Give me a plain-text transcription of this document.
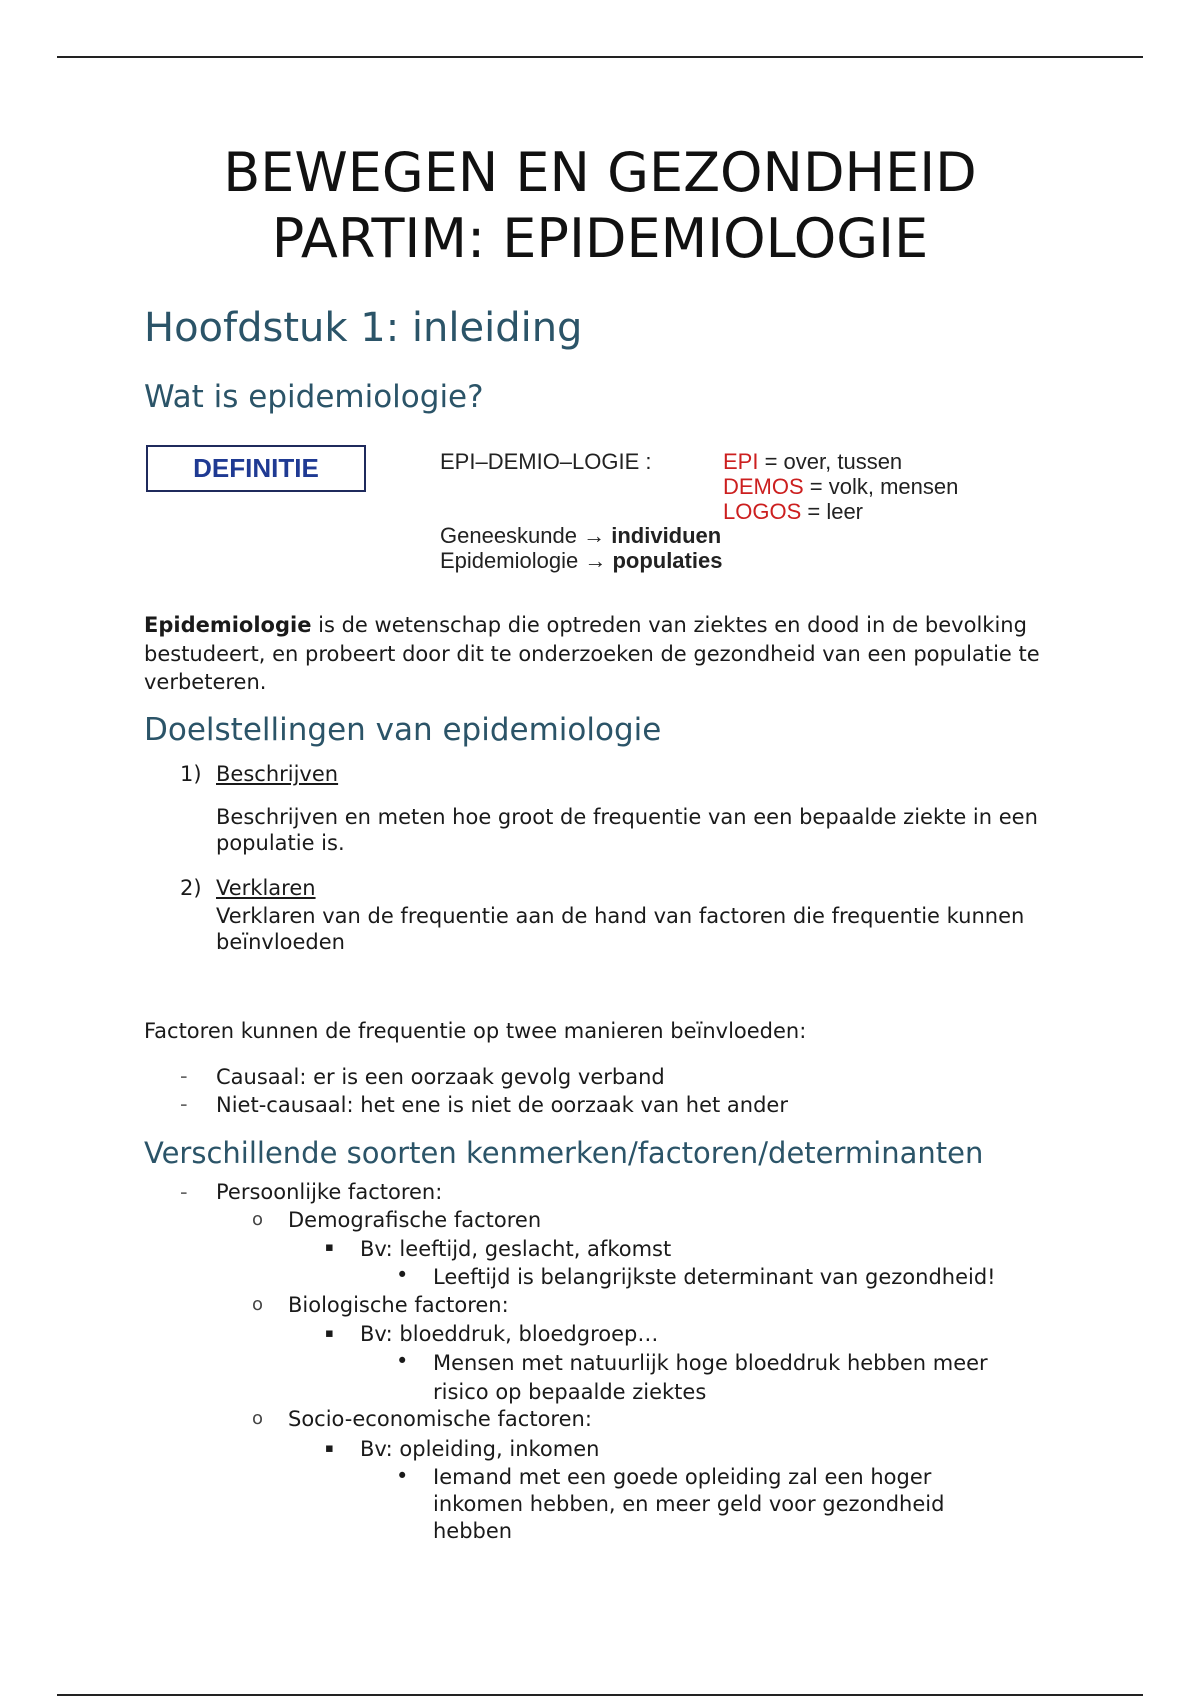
BEWEGEN EN GEZONDHEID
PARTIM: EPIDEMIOLOGIE
Hoofdstuk 1: inleiding
Wat is epidemiologie?
DEFINITIE	EPI–DEMIO–LOGIE :	EPI = over, tussen
DEMOS = volk, mensen
LOGOS = leer
Geneeskunde → individuen
Epidemiologie → populaties
Epidemiologie is de wetenschap die optreden van ziektes en dood in de bevolking bestudeert, en probeert door dit te onderzoeken de gezondheid van een populatie te verbeteren.
Doelstellingen van epidemiologie
1) Beschrijven
Beschrijven en meten hoe groot de frequentie van een bepaalde ziekte in een populatie is.
2) Verklaren
Verklaren van de frequentie aan de hand van factoren die frequentie kunnen beïnvloeden
Factoren kunnen de frequentie op twee manieren beïnvloeden:
- Causaal: er is een oorzaak gevolg verband
- Niet-causaal: het ene is niet de oorzaak van het ander
Verschillende soorten kenmerken/factoren/determinanten
- Persoonlijke factoren:
o Demografische factoren
▪ Bv: leeftijd, geslacht, afkomst
• Leeftijd is belangrijkste determinant van gezondheid!
o Biologische factoren:
▪ Bv: bloeddruk, bloedgroep…
• Mensen met natuurlijk hoge bloeddruk hebben meer risico op bepaalde ziektes
o Socio-economische factoren:
▪ Bv: opleiding, inkomen
• Iemand met een goede opleiding zal een hoger inkomen hebben, en meer geld voor gezondheid hebben
